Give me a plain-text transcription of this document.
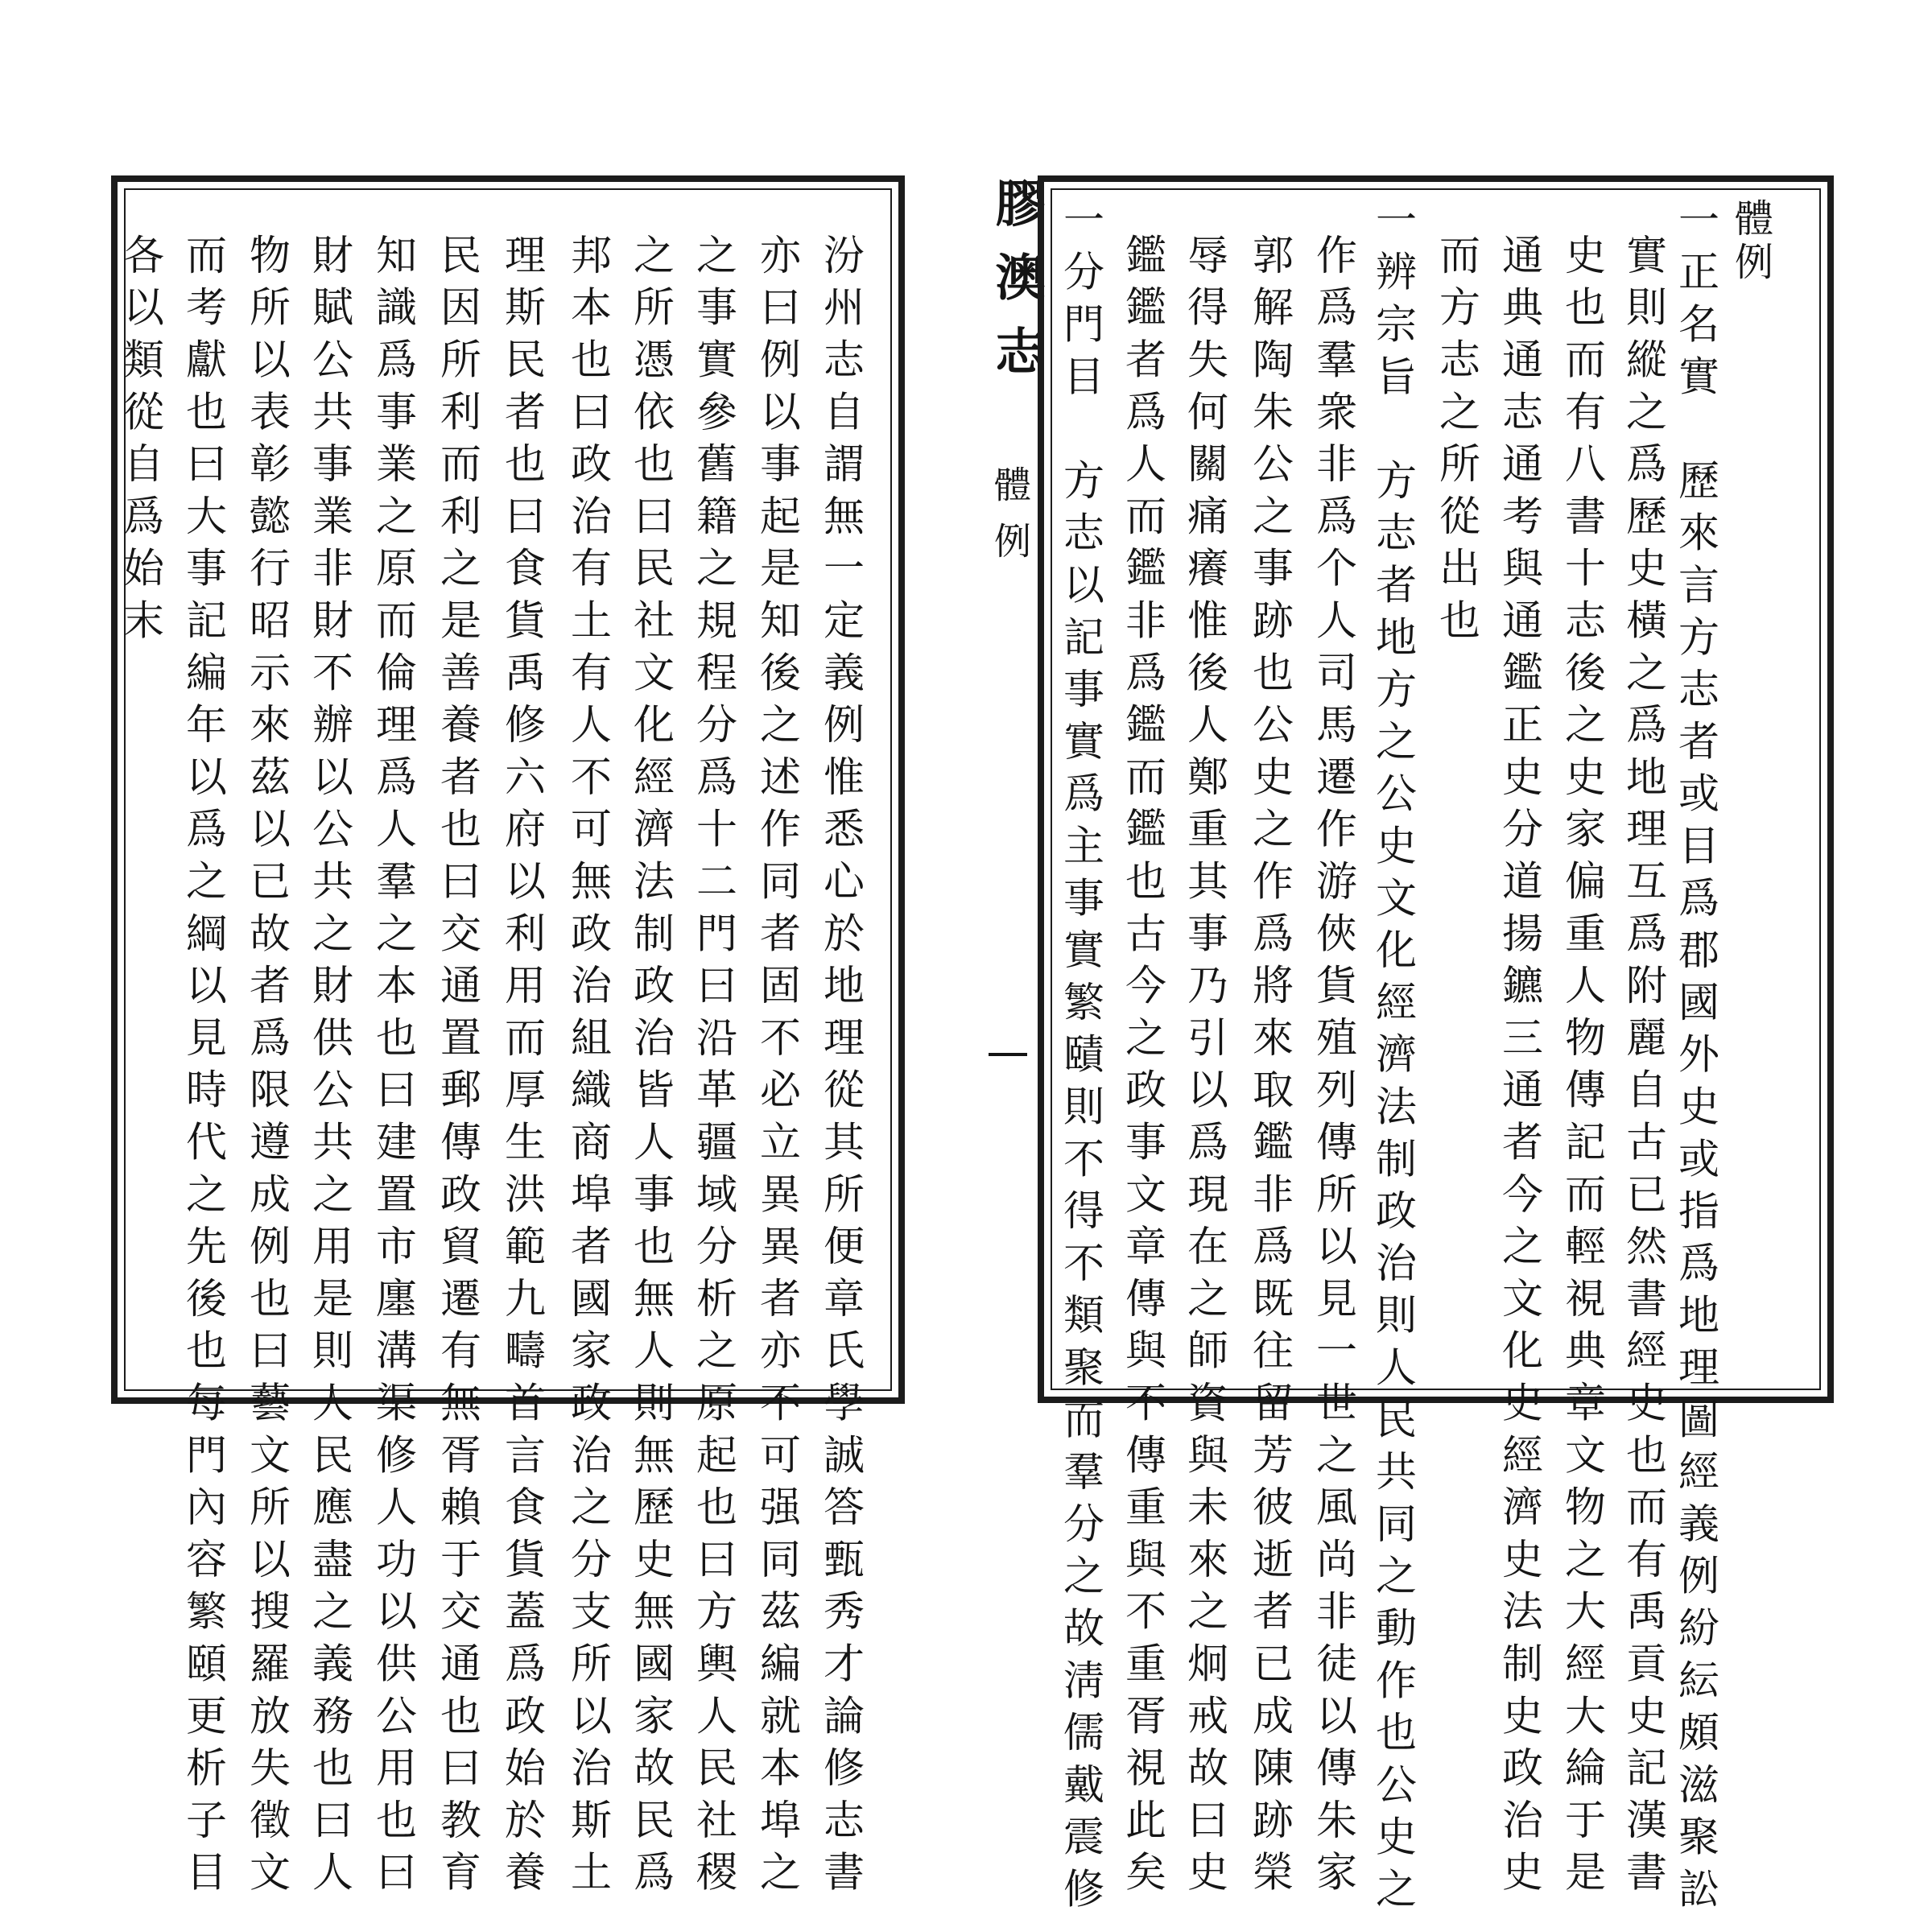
汾州志自謂無一定義例惟悉心於地理從其所便章氏學誠答甄秀才論修志書
亦曰例以事起是知後之述作同者固不必立異異者亦不可强同茲編就本埠之
之事實參舊籍之規程分爲十二門曰沿革疆域分析之原起也曰方輿人民社稷
之所憑依也曰民社文化經濟法制政治皆人事也無人則無歷史無國家故民爲
邦本也曰政治有土有人不可無政治組織商埠者國家政治之分支所以治斯土
理斯民者也曰食貨禹修六府以利用而厚生洪範九疇首言食貨蓋爲政始於養
民因所利而利之是善養者也曰交通置郵傳政貿遷有無胥賴于交通也曰教育
知識爲事業之原而倫理爲人羣之本也曰建置市廛溝渠修人功以供公用也曰
財賦公共事業非財不辦以公共之財供公共之用是則人民應盡之義務也曰人
物所以表彰懿行昭示來茲以已故者爲限遵成例也曰藝文所以搜羅放失徵文
而考獻也曰大事記編年以爲之綱以見時代之先後也每門內容繁頤更析子目
各以類從自爲始末	膠澳志
體例
體例
一正名實　歷來言方志者或目爲郡國外史或指爲地理圖經義例紛紜頗滋聚訟
實則縱之爲歷史橫之爲地理互爲附麗自古已然書經史也而有禹貢史記漢書
史也而有八書十志後之史家偏重人物傳記而輕視典章文物之大經大綸于是
通典通志通考與通鑑正史分道揚鑣三通者今之文化史經濟史法制史政治史
而方志之所從出也
一辨宗旨　方志者地方之公史文化經濟法制政治則人民共同之動作也公史之
作爲羣衆非爲个人司馬遷作游俠貨殖列傳所以見一世之風尚非徒以傳朱家
郭解陶朱公之事跡也公史之作爲將來取鑑非爲既往留芳彼逝者已成陳跡榮
辱得失何關痛癢惟後人鄭重其事乃引以爲現在之師資與未來之炯戒故曰史
鑑鑑者爲人而鑑非爲鑑而鑑也古今之政事文章傳與不傳重與不重胥視此矣
一分門目　方志以記事實爲主事實繁賾則不得不類聚而羣分之故淸儒戴震修
